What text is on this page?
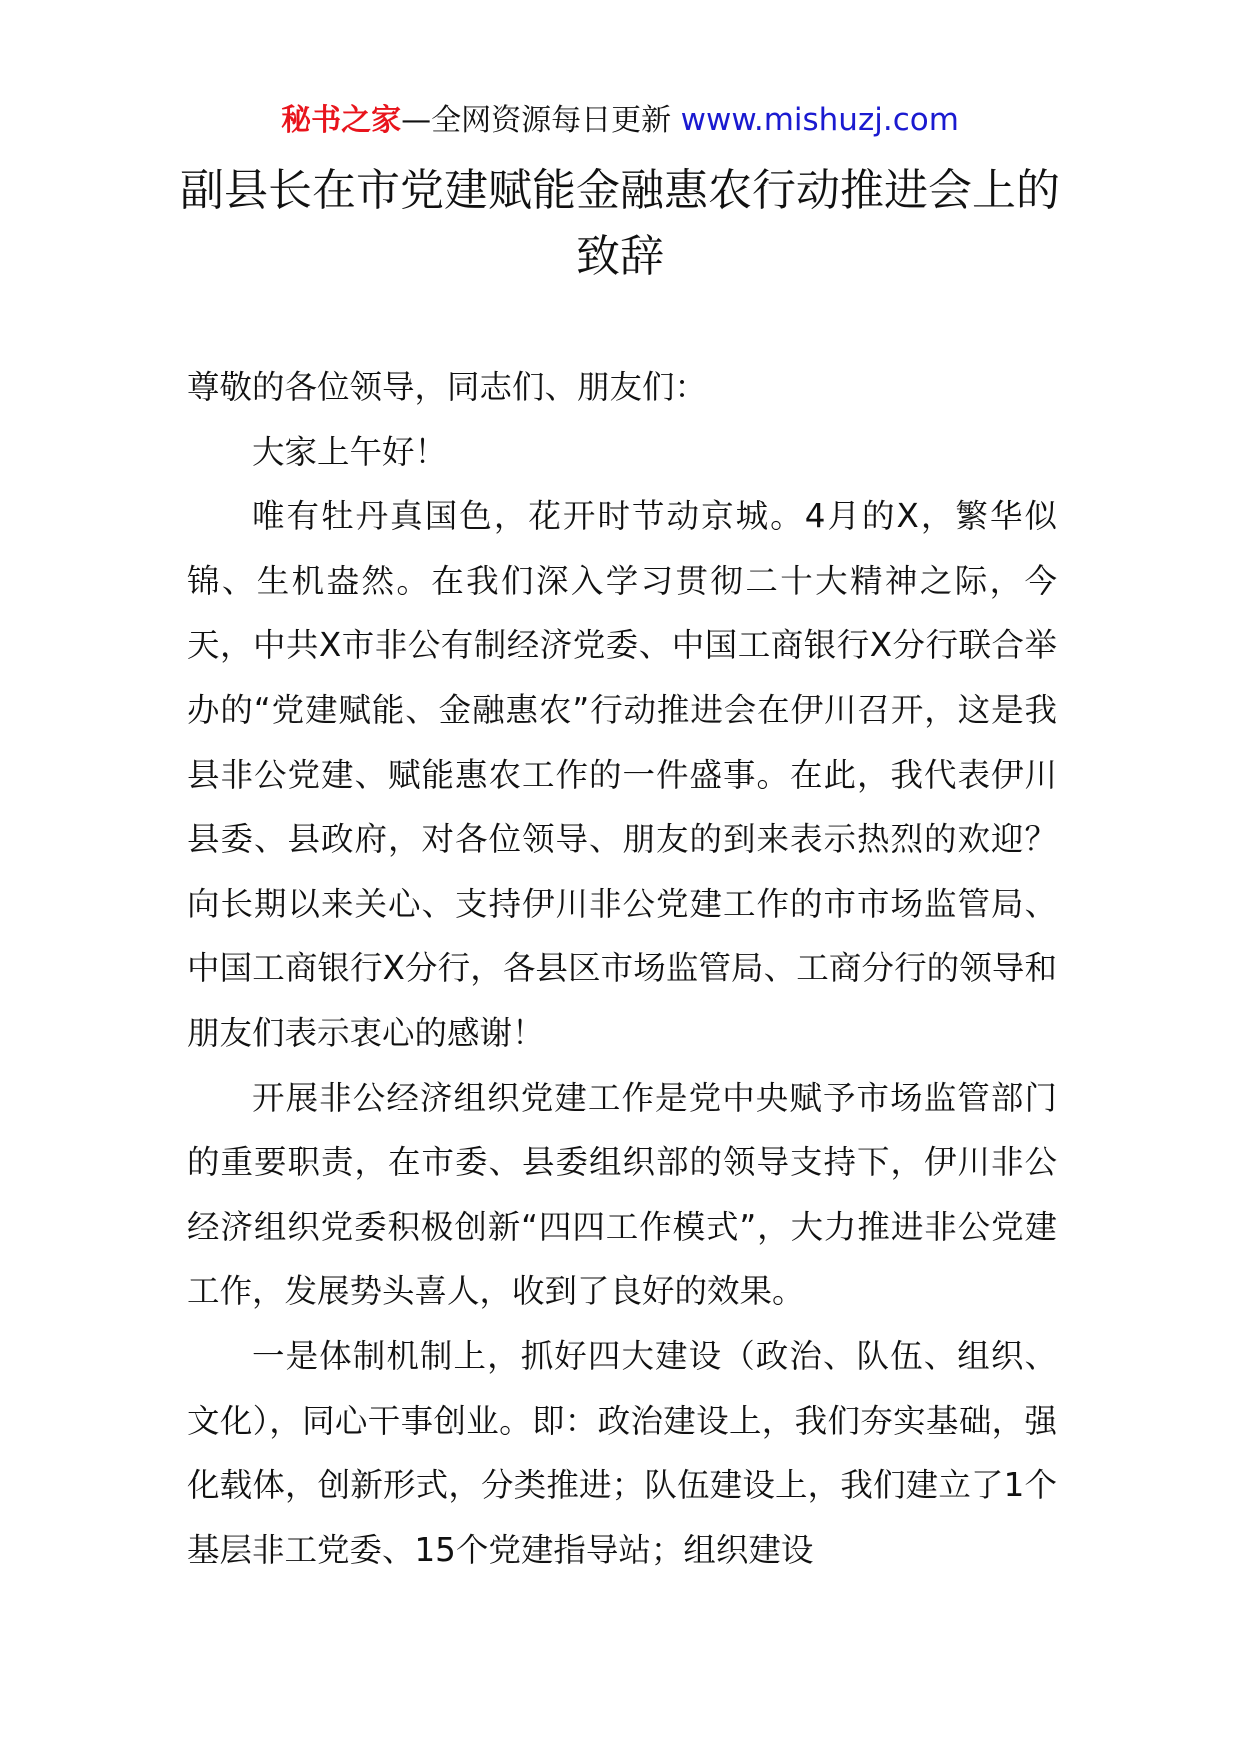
秘书之家—全网资源每日更新 www.mishuzj.com
副县长在市党建赋能金融惠农行动推进会上的致辞

尊敬的各位领导，同志们、朋友们：

大家上午好！

唯有牡丹真国色，花开时节动京城。4月的X，繁华似锦、生机盎然。在我们深入学习贯彻二十大精神之际，今天，中共X市非公有制经济党委、中国工商银行X分行联合举办的“党建赋能、金融惠农”行动推进会在伊川召开，这是我县非公党建、赋能惠农工作的一件盛事。在此，我代表伊川县委、县政府，对各位领导、朋友的到来表示热烈的欢迎？向长期以来关心、支持伊川非公党建工作的市市场监管局、中国工商银行X分行，各县区市场监管局、工商分行的领导和朋友们表示衷心的感谢！

开展非公经济组织党建工作是党中央赋予市场监管部门的重要职责，在市委、县委组织部的领导支持下，伊川非公经济组织党委积极创新“四四工作模式”，大力推进非公党建工作，发展势头喜人，收到了良好的效果。

一是体制机制上，抓好四大建设（政治、队伍、组织、文化），同心干事创业。即：政治建设上，我们夯实基础，强化载体，创新形式，分类推进；队伍建设上，我们建立了1个基层非工党委、15个党建指导站；组织建设
